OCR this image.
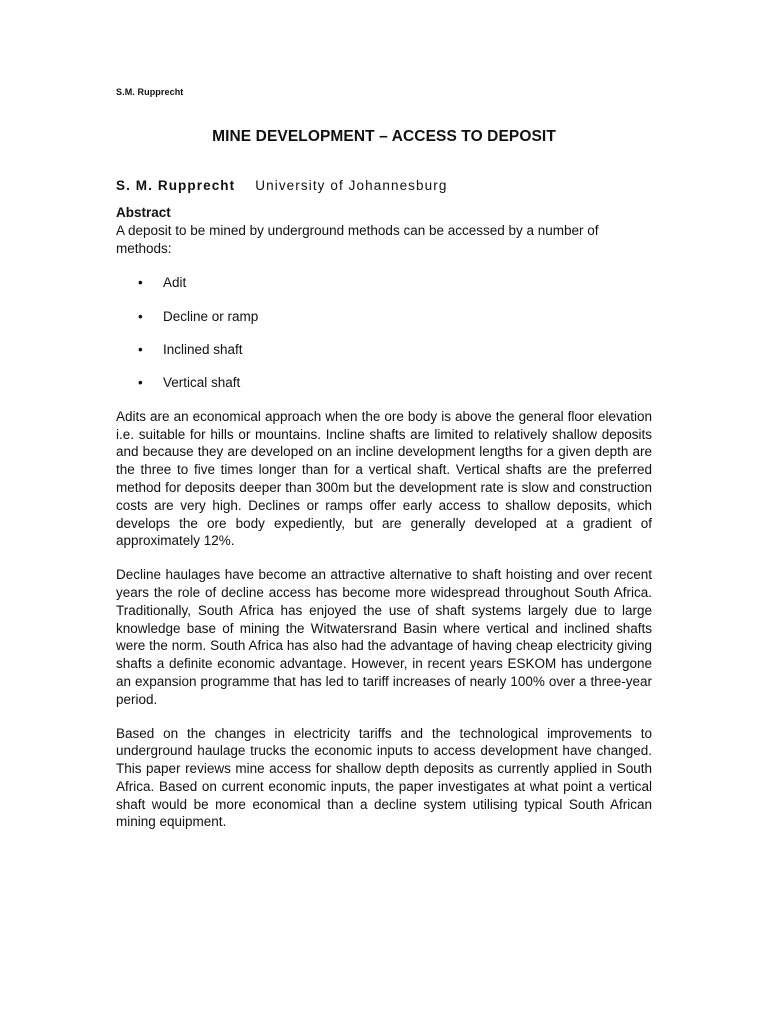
S.M. Rupprecht
MINE DEVELOPMENT – ACCESS TO DEPOSIT
S. M. Rupprecht University of Johannesburg

Abstract

A deposit to be mined by underground methods can be accessed by a number of methods:

• Adit
• Decline or ramp
• Inclined shaft
• Vertical shaft

Adits are an economical approach when the ore body is above the general floor elevation i.e. suitable for hills or mountains. Incline shafts are limited to relatively shallow deposits and because they are developed on an incline development lengths for a given depth are the three to five times longer than for a vertical shaft. Vertical shafts are the preferred method for deposits deeper than 300m but the development rate is slow and construction costs are very high. Declines or ramps offer early access to shallow deposits, which develops the ore body expediently, but are generally developed at a gradient of approximately 12%.

Decline haulages have become an attractive alternative to shaft hoisting and over recent years the role of decline access has become more widespread throughout South Africa. Traditionally, South Africa has enjoyed the use of shaft systems largely due to large knowledge base of mining the Witwatersrand Basin where vertical and inclined shafts were the norm. South Africa has also had the advantage of having cheap electricity giving shafts a definite economic advantage. However, in recent years ESKOM has undergone an expansion programme that has led to tariff increases of nearly 100% over a three-year period.

Based on the changes in electricity tariffs and the technological improvements to underground haulage trucks the economic inputs to access development have changed. This paper reviews mine access for shallow depth deposits as currently applied in South Africa. Based on current economic inputs, the paper investigates at what point a vertical shaft would be more economical than a decline system utilising typical South African mining equipment.
